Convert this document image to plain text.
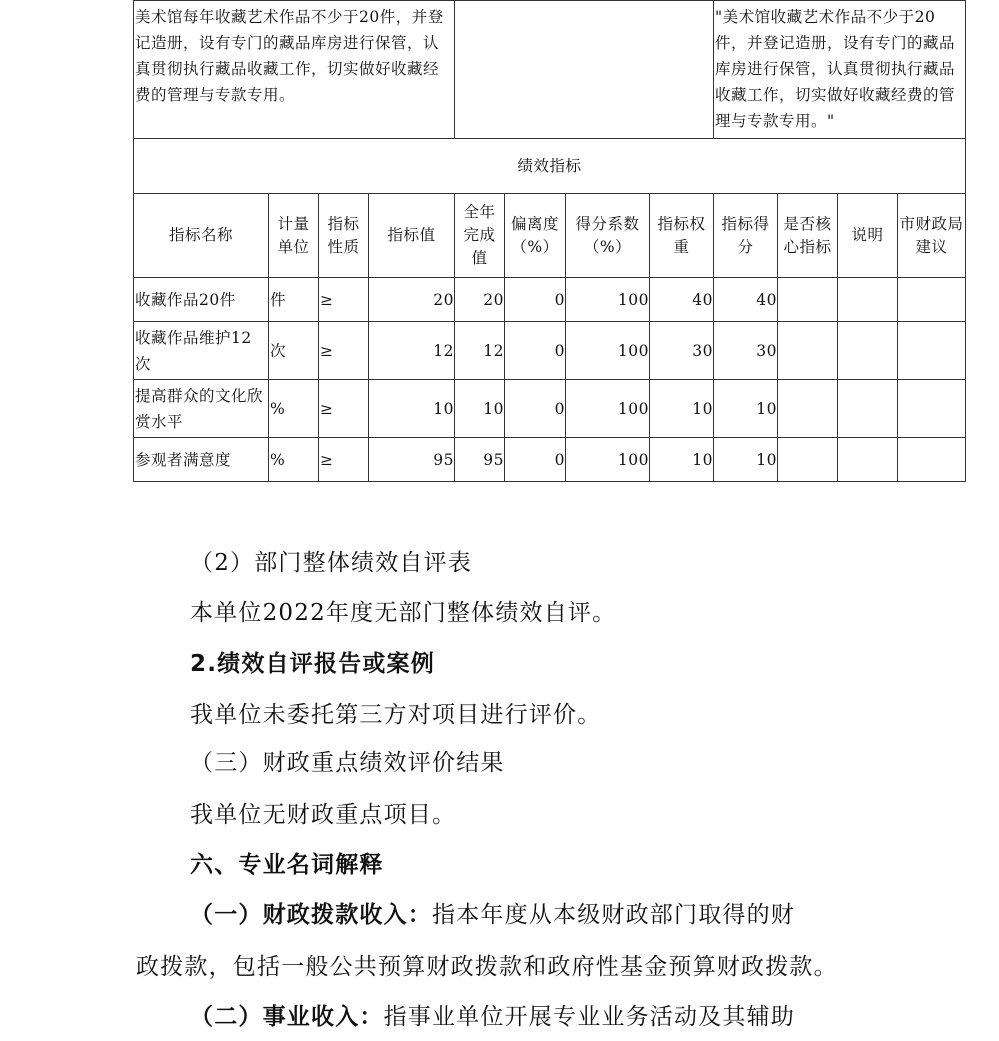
美术馆每年收藏艺术作品不少于20件，并登记造册，设有专门的藏品库房进行保管，认真贯彻执行藏品收藏工作，切实做好收藏经费的管理与专款专用。								"美术馆收藏艺术作品不少于20件，并登记造册，设有专门的藏品库房进行保管，认真贯彻执行藏品收藏工作，切实做好收藏经费的管理与专款专用。"			
绩效指标											
指标名称	计量单位	指标性质	指标值	全年完成值	偏离度（%）	得分系数（%）	指标权重	指标得分	是否核心指标	说明	市财政局建议
收藏作品20件	件	≥	20	20	0	100	40	40			
收藏作品维护12次	次	≥	12	12	0	100	30	30			
提高群众的文化欣赏水平	%	≥	10	10	0	100	10	10			
参观者满意度	%	≥	95	95	0	100	10	10			
（2）部门整体绩效自评表
本单位2022年度无部门整体绩效自评。
2.绩效自评报告或案例
我单位未委托第三方对项目进行评价。
（三）财政重点绩效评价结果
我单位无财政重点项目。
六、专业名词解释
（一）财政拨款收入：指本年度从本级财政部门取得的财
政拨款，包括一般公共预算财政拨款和政府性基金预算财政拨款。
（二）事业收入：指事业单位开展专业业务活动及其辅助
